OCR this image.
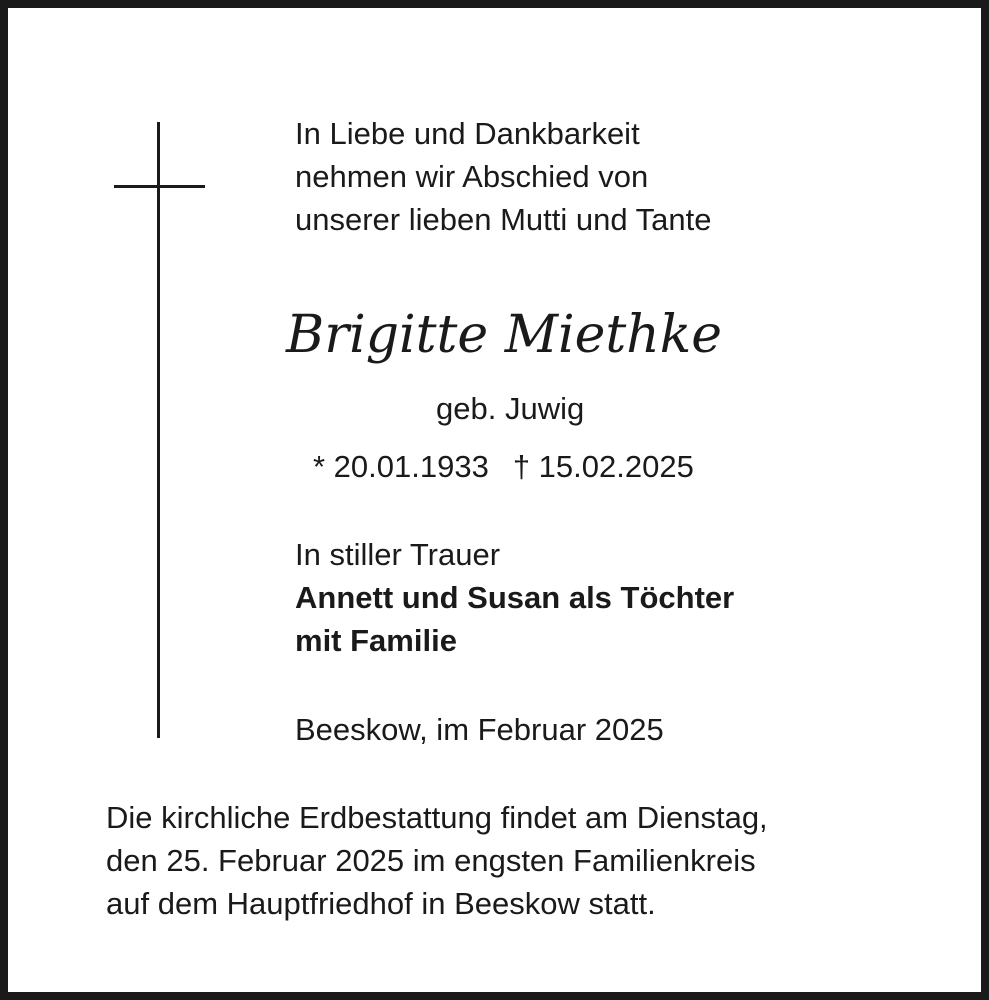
In Liebe und Dankbarkeit
nehmen wir Abschied von
unserer lieben Mutti und Tante
Brigitte Miethke
geb. Juwig
* 20.01.1933 † 15.02.2025
In stiller Trauer
Annett und Susan als Töchter
mit Familie
Beeskow, im Februar 2025
Die kirchliche Erdbestattung findet am Dienstag,
den 25. Februar 2025 im engsten Familienkreis
auf dem Hauptfriedhof in Beeskow statt.
